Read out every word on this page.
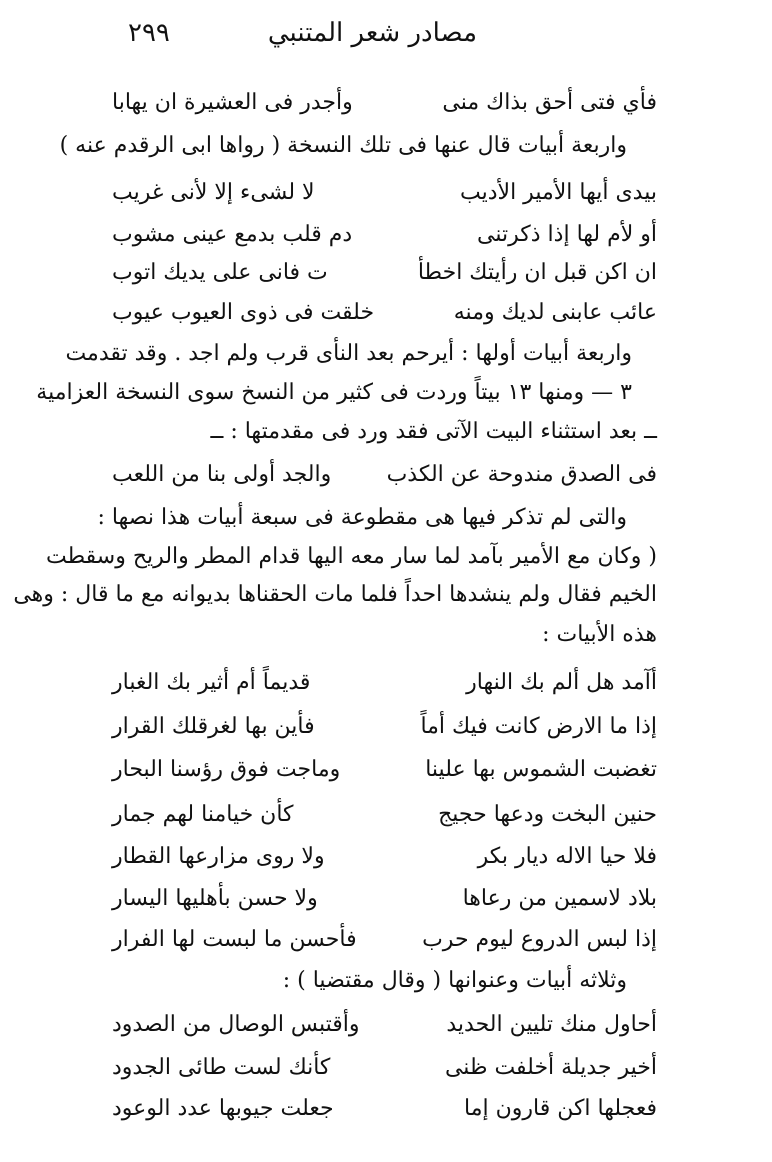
مصادر شعر المتنبي
٢٩٩
فأي فتى أحق بذاك منى
وأجدر فى العشيرة ان يهابا
واربعة أبيات قال عنها فى تلك النسخة ( رواها ابى الرقدم عنه )
بيدى أيها الأمير الأديب
لا لشىء إلا لأنى غريب
أو لأم لها إذا ذكرتنى
دم قلب بدمع عينى مشوب
ان اكن قبل ان رأيتك اخطأ
ت فانى على يديك اتوب
عائب عابنى لديك ومنه
خلقت فى ذوى العيوب عيوب
واربعة أبيات أولها : أيرحم بعد النأى قرب ولم اجد . وقد تقدمت
٣ — ومنها ١٣ بيتاً وردت فى كثير من النسخ سوى النسخة العزامية
ــ بعد استثناء البيت الآتى فقد ورد فى مقدمتها : ــ
فى الصدق مندوحة عن الكذب
والجد أولى بنا من اللعب
والتى لم تذكر فيها هى مقطوعة فى سبعة أبيات هذا نصها :
( وكان مع الأمير بآمد لما سار معه اليها قدام المطر والريح وسقطت
الخيم فقال ولم ينشدها احداً فلما مات الحقناها بديوانه مع ما قال : وهى
هذه الأبيات :
أآمد هل ألم بك النهار
قديماً أم أثير بك الغبار
إذا ما الارض كانت فيك أماً
فأين بها لغرقلك القرار
تغضبت الشموس بها علينا
وماجت فوق رؤسنا البحار
حنين البخت ودعها حجيج
كأن خيامنا لهم جمار
فلا حيا الاله ديار بكر
ولا روى مزارعها القطار
بلاد لاسمين من رعاها
ولا حسن بأهليها اليسار
إذا لبس الدروع ليوم حرب
فأحسن ما لبست لها الفرار
وثلاثه أبيات وعنوانها ( وقال مقتضيا ) :
أحاول منك تليين الحديد
وأقتبس الوصال من الصدود
أخير جديلة أخلفت ظنى
كأنك لست طائى الجدود
فعجلها اكن قارون إما
جعلت جيوبها عدد الوعود
